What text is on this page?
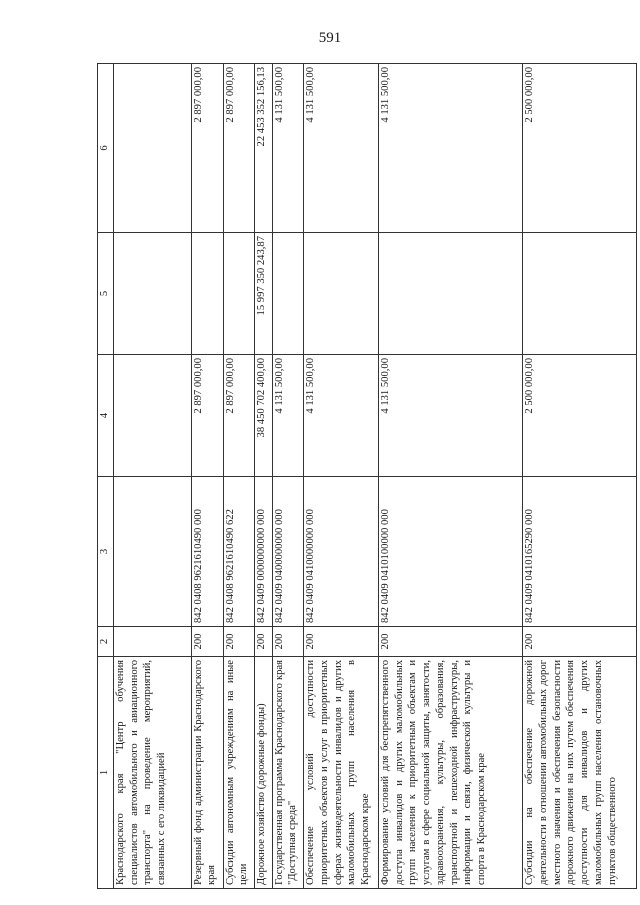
591
1	2	3	4	5	6
Краснодарского края "Центр обучения специалистов автомобильного и авиационного транспорта" на проведение мероприятий, связанных с его ликвидацией					
Резервный фонд администрации Краснодарского края	200	842 0408 9621610490 000	2 897 000,00		2 897 000,00
Субсидии автономным учреждениям на иные цели	200	842 0408 9621610490 622	2 897 000,00		2 897 000,00
Дорожное хозяйство (дорожные фонды)	200	842 0409 0000000000 000	38 450 702 400,00	15 997 350 243,87	22 453 352 156,13
Государственная программа Краснодарского края "Доступная среда"	200	842 0409 0400000000 000	4 131 500,00		4 131 500,00
Обеспечение условий доступности приоритетных объектов и услуг в приоритетных сферах жизнедеятельности инвалидов и других маломобильных групп населения в Краснодарском крае	200	842 0409 0410000000 000	4 131 500,00		4 131 500,00
Формирование условий для беспрепятственного доступа инвалидов и других маломобильных групп населения к приоритетным объектам и услугам в сфере социальной защиты, занятости, здравоохранения, культуры, образования, транспортной и пешеходной инфраструктуры, информации и связи, физической культуры и спорта в Краснодарском крае	200	842 0409 0410100000 000	4 131 500,00		4 131 500,00
Субсидии на обеспечение дорожной деятельности в отношении автомобильных дорог местного значения и обеспечения безопасности дорожного движения на них путем обеспечения доступности для инвалидов и других маломобильных групп населения остановочных пунктов общественного	200	842 0409 0410165290 000	2 500 000,00		2 500 000,00
